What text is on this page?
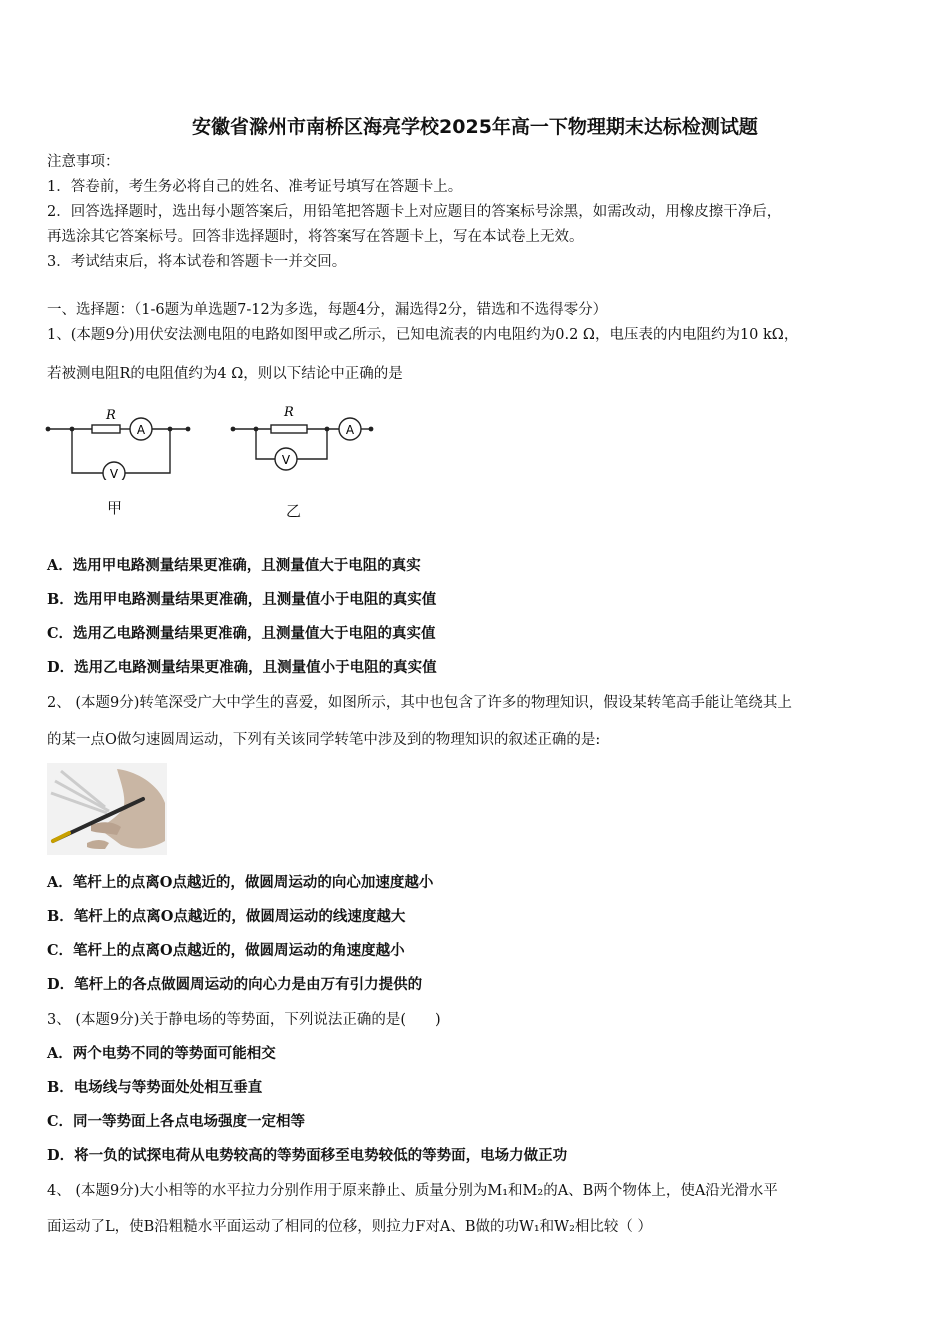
安徽省滁州市南桥区海亮学校2025年高一下物理期末达标检测试题
注意事项：
1．答卷前，考生务必将自己的姓名、准考证号填写在答题卡上。
2．回答选择题时，选出每小题答案后，用铅笔把答题卡上对应题目的答案标号涂黑，如需改动，用橡皮擦干净后，
再选涂其它答案标号。回答非选择题时，将答案写在答题卡上，写在本试卷上无效。
3．考试结束后，将本试卷和答题卡一并交回。
一、选择题：（1-6题为单选题7-12为多选，每题4分，漏选得2分，错选和不选得零分）
1、(本题9分)用伏安法测电阻的电路如图甲或乙所示，已知电流表的内电阻约为0.2 Ω，电压表的内电阻约为10 kΩ，
若被测电阻R的电阻值约为4 Ω，则以下结论中正确的是
R
A
V
甲
R
A
V
乙
A．选用甲电路测量结果更准确，且测量值大于电阻的真实
B．选用甲电路测量结果更准确，且测量值小于电阻的真实值
C．选用乙电路测量结果更准确，且测量值大于电阻的真实值
D．选用乙电路测量结果更准确，且测量值小于电阻的真实值
2、 (本题9分)转笔深受广大中学生的喜爱，如图所示，其中也包含了许多的物理知识，假设某转笔高手能让笔绕其上
的某一点O做匀速圆周运动，下列有关该同学转笔中涉及到的物理知识的叙述正确的是:
A．笔杆上的点离O点越近的，做圆周运动的向心加速度越小
B．笔杆上的点离O点越近的，做圆周运动的线速度越大
C．笔杆上的点离O点越近的，做圆周运动的角速度越小
D．笔杆上的各点做圆周运动的向心力是由万有引力提供的
3、 (本题9分)关于静电场的等势面，下列说法正确的是(　　)
A．两个电势不同的等势面可能相交
B．电场线与等势面处处相互垂直
C．同一等势面上各点电场强度一定相等
D．将一负的试探电荷从电势较高的等势面移至电势较低的等势面，电场力做正功
4、 (本题9分)大小相等的水平拉力分别作用于原来静止、质量分别为M₁和M₂的A、B两个物体上，使A沿光滑水平
面运动了L，使B沿粗糙水平面运动了相同的位移，则拉力F对A、B做的功W₁和W₂相比较（ ）
